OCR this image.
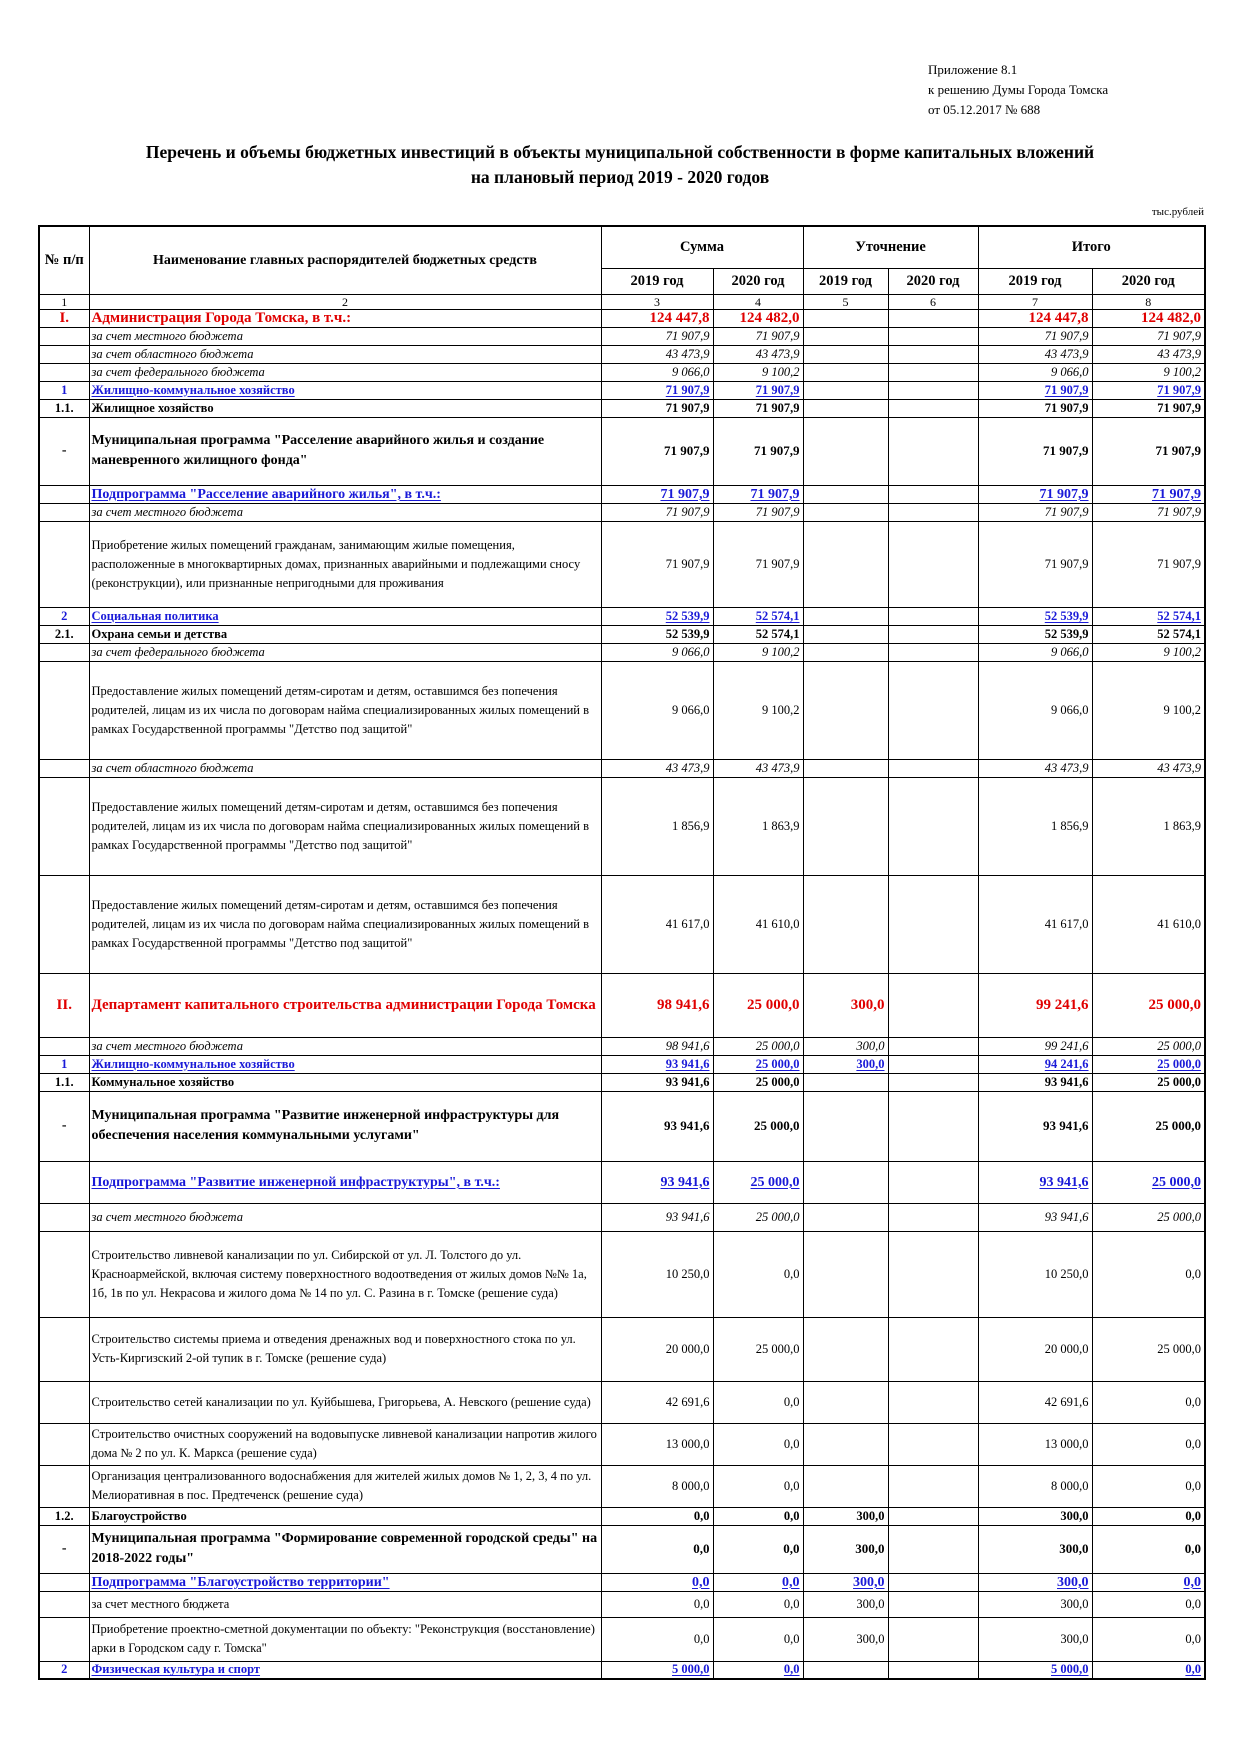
Приложение 8.1
к решению Думы Города Томска
от 05.12.2017 № 688
Перечень и объемы бюджетных инвестиций в объекты муниципальной собственности в форме капитальных вложений
на плановый период 2019 - 2020 годов
тыс.рублей
№ п/п	Наименование главных распорядителей бюджетных средств	Сумма		Уточнение		Итого	
		2019 год	2020 год	2019 год	2020 год	2019 год	2020 год
1	2	3	4	5	6	7	8
I.	Администрация Города Томска, в т.ч.:	124 447,8	124 482,0			124 447,8	124 482,0
	за счет местного бюджета	71 907,9	71 907,9			71 907,9	71 907,9
	за счет областного бюджета	43 473,9	43 473,9			43 473,9	43 473,9
	за счет федерального бюджета	9 066,0	9 100,2			9 066,0	9 100,2
1	Жилищно-коммунальное хозяйство	71 907,9	71 907,9			71 907,9	71 907,9
1.1.	Жилищное хозяйство	71 907,9	71 907,9			71 907,9	71 907,9
-	Муниципальная программа "Расселение аварийного жилья и создание маневренного жилищного фонда"	71 907,9	71 907,9			71 907,9	71 907,9
	Подпрограмма "Расселение аварийного жилья", в т.ч.:	71 907,9	71 907,9			71 907,9	71 907,9
	за счет местного бюджета	71 907,9	71 907,9			71 907,9	71 907,9
	Приобретение жилых помещений гражданам, занимающим жилые помещения, расположенные в многоквартирных домах, признанных аварийными и подлежащими сносу (реконструкции), или признанные непригодными для проживания	71 907,9	71 907,9			71 907,9	71 907,9
2	Социальная политика	52 539,9	52 574,1			52 539,9	52 574,1
2.1.	Охрана семьи и детства	52 539,9	52 574,1			52 539,9	52 574,1
	за счет федерального бюджета	9 066,0	9 100,2			9 066,0	9 100,2
	Предоставление жилых помещений детям-сиротам и детям, оставшимся без попечения родителей, лицам из их числа по договорам найма специализированных жилых помещений в рамках Государственной программы "Детство под защитой"	9 066,0	9 100,2			9 066,0	9 100,2
	за счет областного бюджета	43 473,9	43 473,9			43 473,9	43 473,9
	Предоставление жилых помещений детям-сиротам и детям, оставшимся без попечения родителей, лицам из их числа по договорам найма специализированных жилых помещений в рамках Государственной программы "Детство под защитой"	1 856,9	1 863,9			1 856,9	1 863,9
	Предоставление жилых помещений детям-сиротам и детям, оставшимся без попечения родителей, лицам из их числа по договорам найма специализированных жилых помещений в рамках Государственной программы "Детство под защитой"	41 617,0	41 610,0			41 617,0	41 610,0
II.	Департамент капитального строительства администрации Города Томска	98 941,6	25 000,0	300,0		99 241,6	25 000,0
	за счет местного бюджета	98 941,6	25 000,0	300,0		99 241,6	25 000,0
1	Жилищно-коммунальное хозяйство	93 941,6	25 000,0	300,0		94 241,6	25 000,0
1.1.	Коммунальное хозяйство	93 941,6	25 000,0			93 941,6	25 000,0
-	Муниципальная программа "Развитие инженерной инфраструктуры для обеспечения населения коммунальными услугами"	93 941,6	25 000,0			93 941,6	25 000,0
	Подпрограмма "Развитие инженерной инфраструктуры", в т.ч.:	93 941,6	25 000,0			93 941,6	25 000,0
	за счет местного бюджета	93 941,6	25 000,0			93 941,6	25 000,0
	Строительство ливневой канализации по ул. Сибирской от ул. Л. Толстого до ул. Красноармейской, включая систему поверхностного водоотведения от жилых домов №№ 1а, 1б, 1в по ул. Некрасова и жилого дома № 14 по ул. С. Разина в г. Томске (решение суда)	10 250,0	0,0			10 250,0	0,0
	Строительство системы приема и отведения дренажных вод и поверхностного стока по ул. Усть-Киргизский 2-ой тупик в г. Томске (решение суда)	20 000,0	25 000,0			20 000,0	25 000,0
	Строительство сетей канализации по ул. Куйбышева, Григорьева, А. Невского (решение суда)	42 691,6	0,0			42 691,6	0,0
	Строительство очистных сооружений на водовыпуске ливневой канализации напротив жилого дома № 2 по ул. К. Маркса (решение суда)	13 000,0	0,0			13 000,0	0,0
	Организация централизованного водоснабжения для жителей жилых домов № 1, 2, 3, 4 по ул. Мелиоративная в пос. Предтеченск (решение суда)	8 000,0	0,0			8 000,0	0,0
1.2.	Благоустройство	0,0	0,0	300,0		300,0	0,0
-	Муниципальная программа "Формирование современной городской среды" на 2018-2022 годы"	0,0	0,0	300,0		300,0	0,0
	Подпрограмма "Благоустройство территории"	0,0	0,0	300,0		300,0	0,0
	за счет местного бюджета	0,0	0,0	300,0		300,0	0,0
	Приобретение проектно-сметной документации по объекту: "Реконструкция (восстановление) арки в Городском саду г. Томска"	0,0	0,0	300,0		300,0	0,0
2	Физическая культура и спорт	5 000,0	0,0			5 000,0	0,0
